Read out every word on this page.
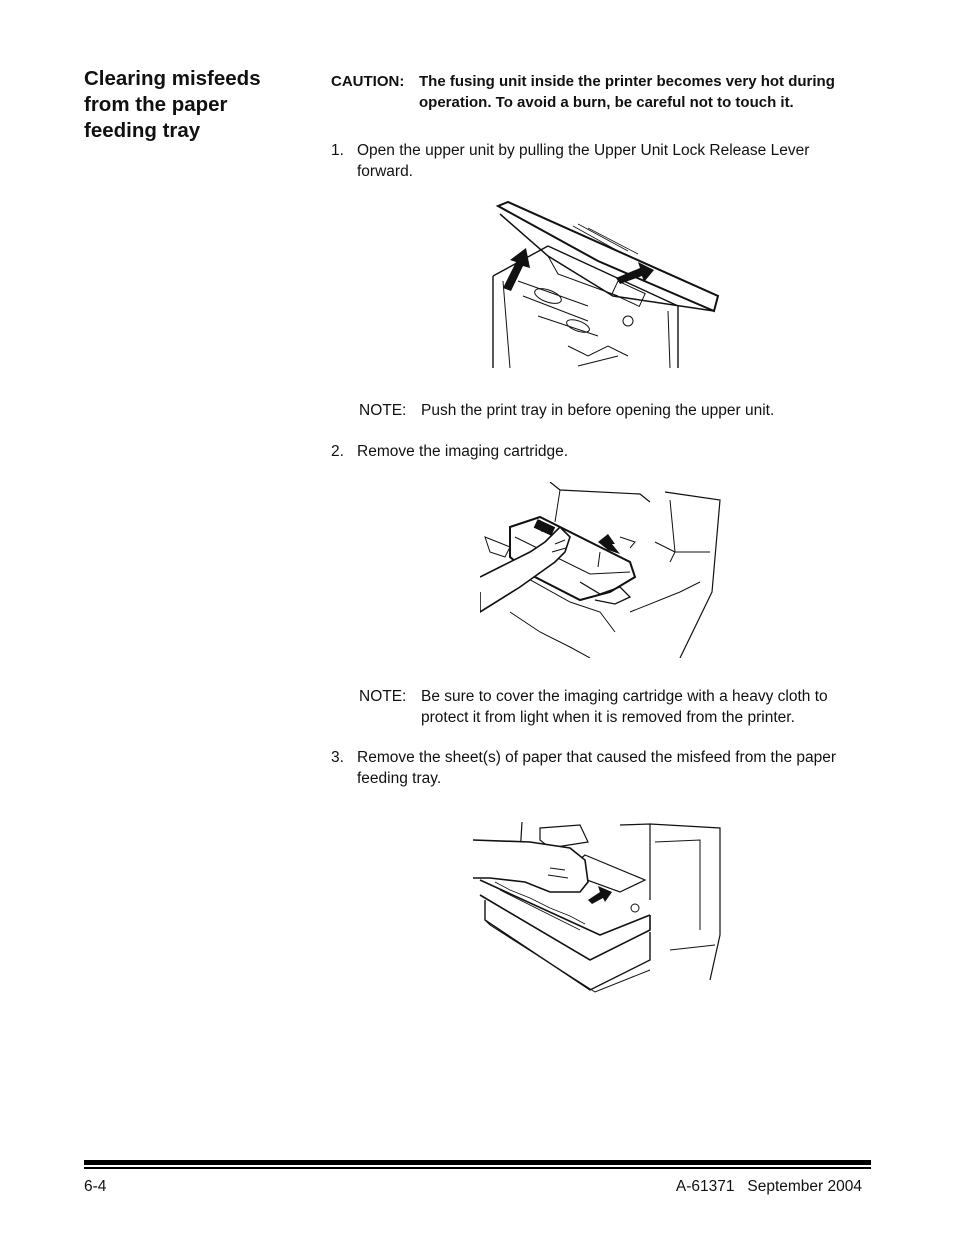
Clearing misfeeds from the paper feeding tray
CAUTION: The fusing unit inside the printer becomes very hot during operation. To avoid a burn, be careful not to touch it.
1. Open the upper unit by pulling the Upper Unit Lock Release Lever forward.
NOTE: Push the print tray in before opening the upper unit.
2. Remove the imaging cartridge.
NOTE: Be sure to cover the imaging cartridge with a heavy cloth to protect it from light when it is removed from the printer.
3. Remove the sheet(s) of paper that caused the misfeed from the paper feeding tray.
6-4	A-61371   September 2004
